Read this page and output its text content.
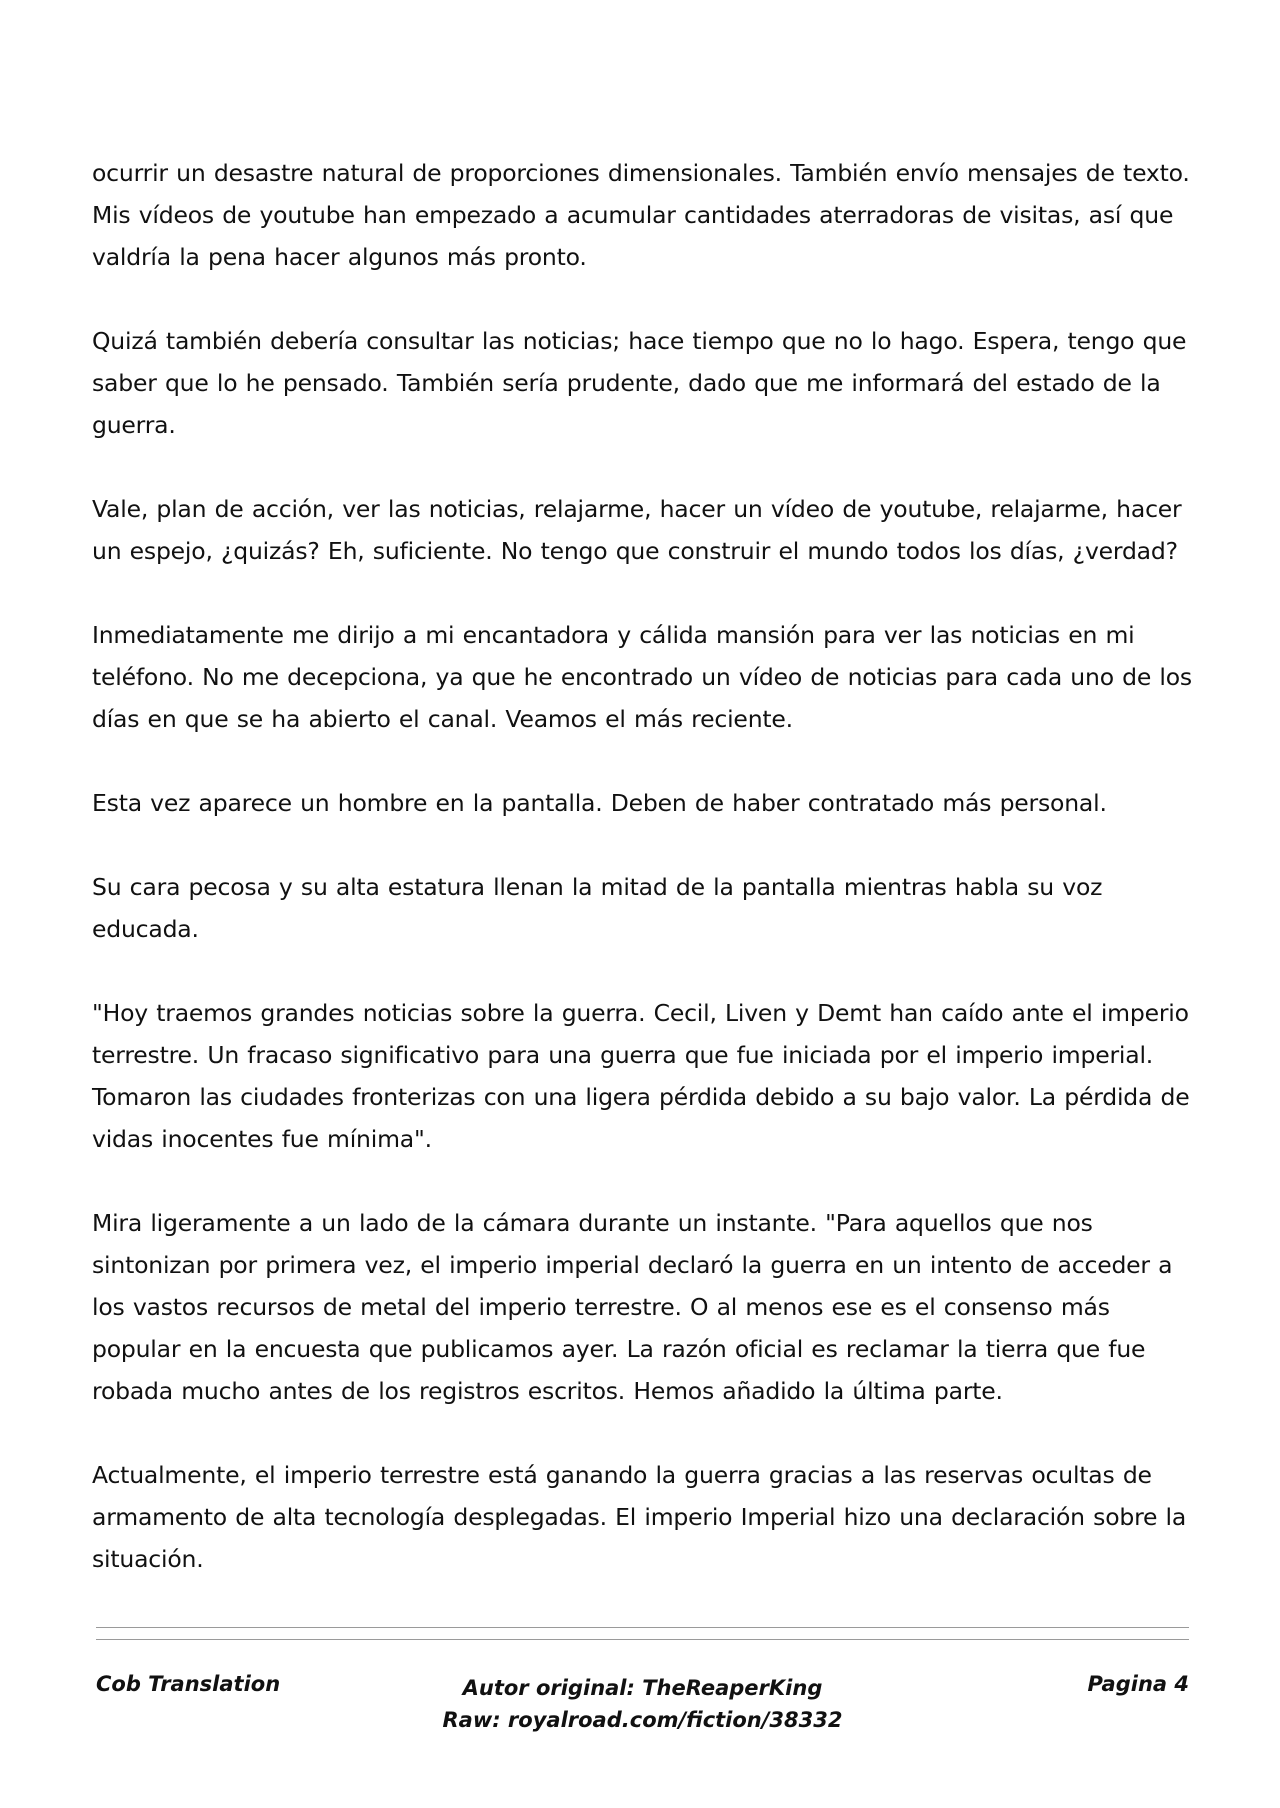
ocurrir un desastre natural de proporciones dimensionales. También envío mensajes de texto. Mis vídeos de youtube han empezado a acumular cantidades aterradoras de visitas, así que valdría la pena hacer algunos más pronto.

Quizá también debería consultar las noticias; hace tiempo que no lo hago. Espera, tengo que saber que lo he pensado. También sería prudente, dado que me informará del estado de la guerra.

Vale, plan de acción, ver las noticias, relajarme, hacer un vídeo de youtube, relajarme, hacer un espejo, ¿quizás? Eh, suficiente. No tengo que construir el mundo todos los días, ¿verdad?

Inmediatamente me dirijo a mi encantadora y cálida mansión para ver las noticias en mi teléfono. No me decepciona, ya que he encontrado un vídeo de noticias para cada uno de los días en que se ha abierto el canal. Veamos el más reciente.

Esta vez aparece un hombre en la pantalla. Deben de haber contratado más personal.

Su cara pecosa y su alta estatura llenan la mitad de la pantalla mientras habla su voz educada.

"Hoy traemos grandes noticias sobre la guerra. Cecil, Liven y Demt han caído ante el imperio terrestre. Un fracaso significativo para una guerra que fue iniciada por el imperio imperial. Tomaron las ciudades fronterizas con una ligera pérdida debido a su bajo valor. La pérdida de vidas inocentes fue mínima".

Mira ligeramente a un lado de la cámara durante un instante. "Para aquellos que nos sintonizan por primera vez, el imperio imperial declaró la guerra en un intento de acceder a los vastos recursos de metal del imperio terrestre. O al menos ese es el consenso más popular en la encuesta que publicamos ayer. La razón oficial es reclamar la tierra que fue robada mucho antes de los registros escritos. Hemos añadido la última parte.

Actualmente, el imperio terrestre está ganando la guerra gracias a las reservas ocultas de armamento de alta tecnología desplegadas. El imperio Imperial hizo una declaración sobre la situación.

Cob Translation	Autor original: TheReaperKing
Raw: royalroad.com/fiction/38332
Pagina 4
